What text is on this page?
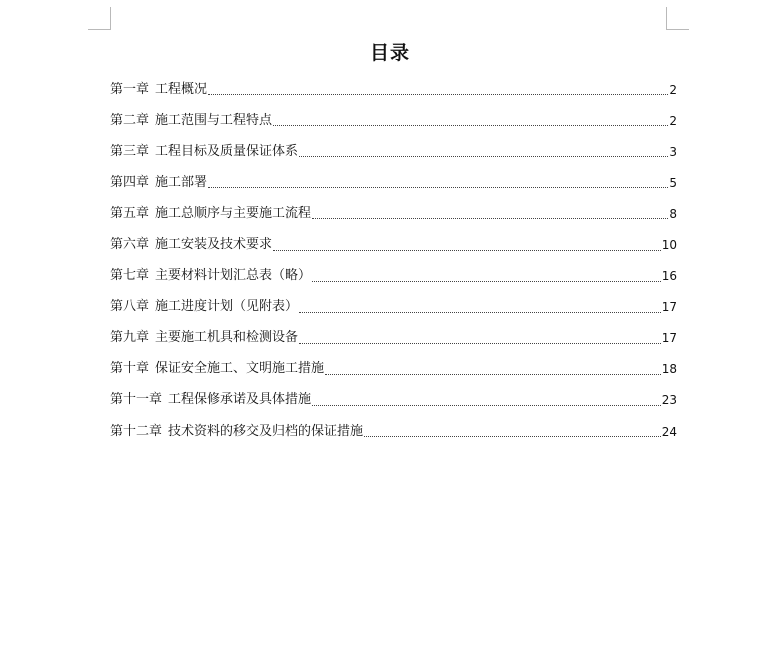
目录
第一章 工程概况	2
第二章 施工范围与工程特点	2
第三章 工程目标及质量保证体系	3
第四章 施工部署	5
第五章 施工总顺序与主要施工流程	8
第六章 施工安装及技术要求	10
第七章 主要材料计划汇总表（略）	16
第八章 施工进度计划（见附表）	17
第九章 主要施工机具和检测设备	17
第十章 保证安全施工、文明施工措施	18
第十一章 工程保修承诺及具体措施	23
第十二章 技术资料的移交及归档的保证措施	24
